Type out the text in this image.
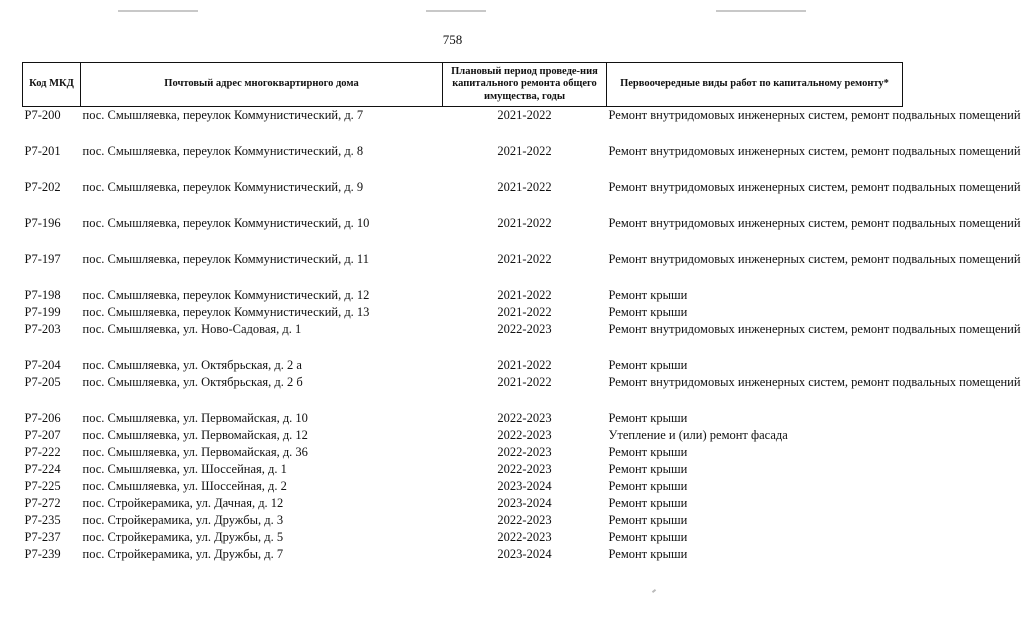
758
Код МКД	Почтовый адрес многоквартирного дома	Плановый период проведе-ния капитального ремонта общего имущества, годы	Первоочередные виды работ по капитальному ремонту*
Р7-200	пос. Смышляевка, переулок Коммунистический, д. 7	2021-2022	Ремонт внутридомовых инженерных систем, ремонт подвальных помещений
Р7-201	пос. Смышляевка, переулок Коммунистический, д. 8	2021-2022	Ремонт внутридомовых инженерных систем, ремонт подвальных помещений
Р7-202	пос. Смышляевка, переулок Коммунистический, д. 9	2021-2022	Ремонт внутридомовых инженерных систем, ремонт подвальных помещений
Р7-196	пос. Смышляевка, переулок Коммунистический, д. 10	2021-2022	Ремонт внутридомовых инженерных систем, ремонт подвальных помещений
Р7-197	пос. Смышляевка, переулок Коммунистический, д. 11	2021-2022	Ремонт внутридомовых инженерных систем, ремонт подвальных помещений
Р7-198	пос. Смышляевка, переулок Коммунистический, д. 12	2021-2022	Ремонт крыши
Р7-199	пос. Смышляевка, переулок Коммунистический, д. 13	2021-2022	Ремонт крыши
Р7-203	пос. Смышляевка, ул. Ново-Садовая, д. 1	2022-2023	Ремонт внутридомовых инженерных систем, ремонт подвальных помещений
Р7-204	пос. Смышляевка, ул. Октябрьская, д. 2 а	2021-2022	Ремонт крыши
Р7-205	пос. Смышляевка, ул. Октябрьская, д. 2 б	2021-2022	Ремонт внутридомовых инженерных систем, ремонт подвальных помещений
Р7-206	пос. Смышляевка, ул. Первомайская, д. 10	2022-2023	Ремонт крыши
Р7-207	пос. Смышляевка, ул. Первомайская, д. 12	2022-2023	Утепление и (или) ремонт фасада
Р7-222	пос. Смышляевка, ул. Первомайская, д. 36	2022-2023	Ремонт крыши
Р7-224	пос. Смышляевка, ул. Шоссейная, д. 1	2022-2023	Ремонт крыши
Р7-225	пос. Смышляевка, ул. Шоссейная, д. 2	2023-2024	Ремонт крыши
Р7-272	пос. Стройкерамика, ул. Дачная, д. 12	2023-2024	Ремонт крыши
Р7-235	пос. Стройкерамика, ул. Дружбы, д. 3	2022-2023	Ремонт крыши
Р7-237	пос. Стройкерамика, ул. Дружбы, д. 5	2022-2023	Ремонт крыши
Р7-239	пос. Стройкерамика, ул. Дружбы, д. 7	2023-2024	Ремонт крыши
